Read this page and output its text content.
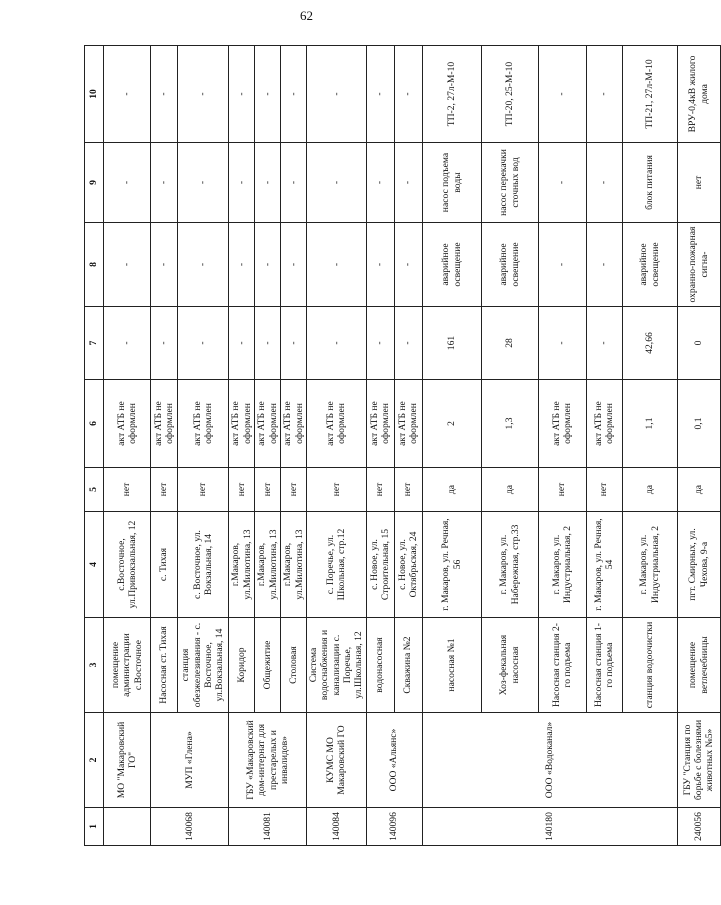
62
1	2	3	4	5	6	7	8	9	10
	МО "Макаровский ГО"	помещение администрации с.Восточное	с.Восточное, ул.Привокзальная, 12	нет	акт АТБ не оформлен	-	-	-	-
140068	МУП «Глена»	Насосная ст. Тихая	с. Тихая	нет	акт АТБ не оформлен	-	-	-	-
		станция обезжелезивания - с. Восточное, ул.Вокзальная, 14	с. Восточное, ул. Вокзальная, 14	нет	акт АТБ не оформлен	-	-	-	-
140081	ГБУ «Макаровский дом-интернат для престарелых и инвалидов»	Коридор	г.Макаров, ул.Милютина, 13	нет	акт АТБ не оформлен	-	-	-	-
		Общежитие	г.Макаров, ул.Милютина, 13	нет	акт АТБ не оформлен	-	-	-	-
		Столовая	г.Макаров, ул.Милютина, 13	нет	акт АТБ не оформлен	-	-	-	-
140084	КУМС МО Макаровский ГО	Система водоснабжения и канализации с. Поречье, ул.Школьная, 12	с. Поречье, ул. Школьная, стр.12	нет	акт АТБ не оформлен	-	-	-	-
140096	ООО «Альянс»	водонасосная	с. Новое, ул. Строительная, 15	нет	акт АТБ не оформлен	-	-	-	-
		Скважина №2	с. Новое, ул. Октябрьская, 24	нет	акт АТБ не оформлен	-	-	-	-
140180	ООО «Водоканал»	насосная №1	г. Макаров, ул. Речная, 56	да	2	161	аварийное освещение	насос подъема воды	ТП-2, 27л-М-10
		Хоз-фекальная насосная	г. Макаров, ул. Набережная, стр.33	да	1,3	28	аварийное освещение	насос перекачки сточных вод	ТП-20, 25-М-10
		Насосная станция 2-го подъема	г. Макаров, ул. Индустриальная, 2	нет	акт АТБ не оформлен	-	-	-	-
		Насосная станция 1-го подъема	г. Макаров, ул. Речная, 54	нет	акт АТБ не оформлен	-	-	-	-
		станция водоочистки	г. Макаров, ул. Индустриальная, 2	да	1,1	42,66	аварийное освещение	блок питания	ТП-21, 27л-М-10
240056	ГБУ "Станция по борьбе с болезнями животных №5»	помещение ветлечебницы	пгт. Смирных, ул. Чехова, 9-а	да	0,1	0	охранно-пожарная сигна-	нет	ВРУ-0,4кВ жилого дома
